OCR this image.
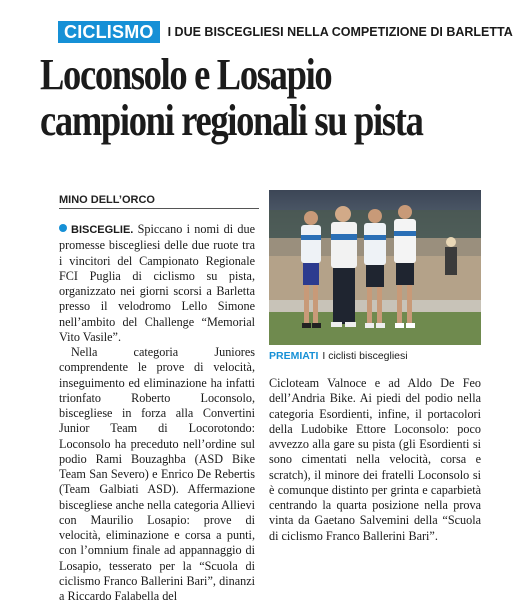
CICLISMO	I DUE BISCEGLIESI NELLA COMPETIZIONE DI BARLETTA
Loconsolo e Losapio
campioni regionali su pista
MINO DELL’ORCO

BISCEGLIE. Spiccano i nomi di due promesse biscegliesi delle due ruote tra i vincitori del Campionato Regionale FCI Puglia di ciclismo su pista, organizzato nei giorni scorsi a Barletta presso il velodromo Lello Simone nell’ambito del Challenge “Memorial Vito Vasile”.

Nella categoria Juniores comprendente le prove di velocità, inseguimento ed eliminazione ha infatti trionfato Roberto Loconsolo, biscegliese in forza alla Convertini Junior Team di Locorotondo: Loconsolo ha preceduto nell’ordine sul podio Rami Bouzaghba (ASD Bike Team San Severo) e Enrico De Rebertis (Team Galbiati ASD). Affermazione biscegliese anche nella categoria Allievi con Maurilio Losapio: prove di velocità, eliminazione e corsa a punti, con l’omnium finale ad appannaggio di Losapio, tesserato per la “Scuola di ciclismo Franco Ballerini Bari”, dinanzi a Riccardo Falabella del

PREMIATI I ciclisti biscegliesi

Cicloteam Valnoce e ad Aldo De Feo dell’Andria Bike. Ai piedi del podio nella categoria Esordienti, infine, il portacolori della Ludobike Ettore Loconsolo: poco avvezzo alla gare su pista (gli Esordienti si sono cimentati nella velocità, corsa e scratch), il minore dei fratelli Loconsolo si è comunque distinto per grinta e caparbietà centrando la quarta posizione nella prova vinta da Gaetano Salvemini della “Scuola di ciclismo Franco Ballerini Bari”.
